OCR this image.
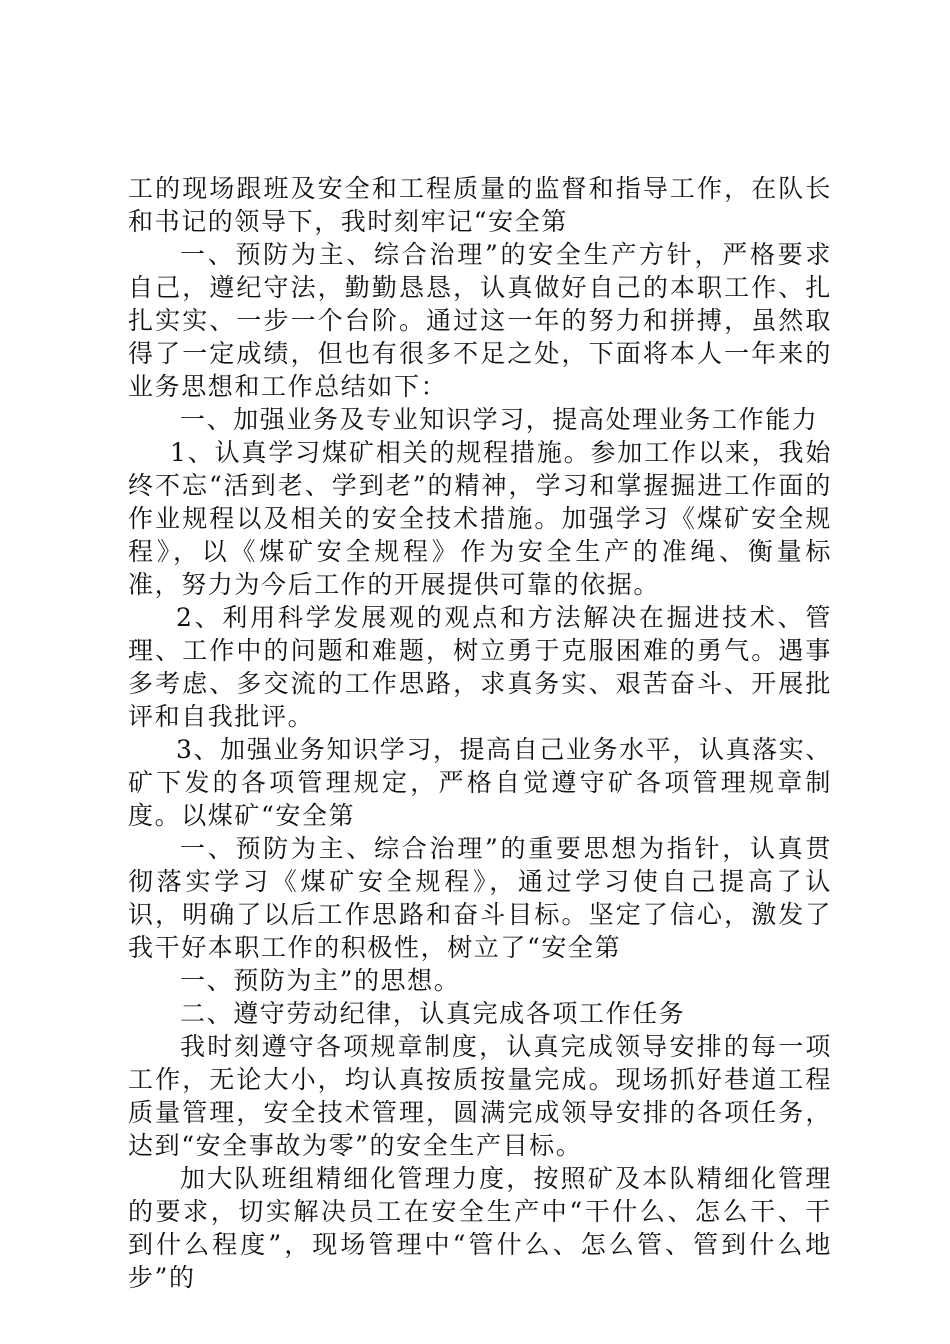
工的现场跟班及安全和工程质量的监督和指导工作，在队长和书记的领导下，我时刻牢记“安全第

一、预防为主、综合治理”的安全生产方针，严格要求自己，遵纪守法，勤勤恳恳，认真做好自己的本职工作、扎扎实实、一步一个台阶。通过这一年的努力和拼搏，虽然取得了一定成绩，但也有很多不足之处，下面将本人一年来的业务思想和工作总结如下：

一、加强业务及专业知识学习，提高处理业务工作能力

1、认真学习煤矿相关的规程措施。参加工作以来，我始终不忘“活到老、学到老”的精神，学习和掌握掘进工作面的作业规程以及相关的安全技术措施。加强学习《煤矿安全规程》，以《煤矿安全规程》作为安全生产的准绳、衡量标准，努力为今后工作的开展提供可靠的依据。

2、利用科学发展观的观点和方法解决在掘进技术、管理、工作中的问题和难题，树立勇于克服困难的勇气。遇事多考虑、多交流的工作思路，求真务实、艰苦奋斗、开展批评和自我批评。

3、加强业务知识学习，提高自己业务水平，认真落实、矿下发的各项管理规定，严格自觉遵守矿各项管理规章制度。以煤矿“安全第

一、预防为主、综合治理”的重要思想为指针，认真贯彻落实学习《煤矿安全规程》，通过学习使自己提高了认识，明确了以后工作思路和奋斗目标。坚定了信心，激发了我干好本职工作的积极性，树立了“安全第

一、预防为主”的思想。

二、遵守劳动纪律，认真完成各项工作任务

我时刻遵守各项规章制度，认真完成领导安排的每一项工作，无论大小，均认真按质按量完成。现场抓好巷道工程质量管理，安全技术管理，圆满完成领导安排的各项任务，达到“安全事故为零”的安全生产目标。

加大队班组精细化管理力度，按照矿及本队精细化管理的要求，切实解决员工在安全生产中“干什么、怎么干、干到什么程度”，现场管理中“管什么、怎么管、管到什么地步”的
